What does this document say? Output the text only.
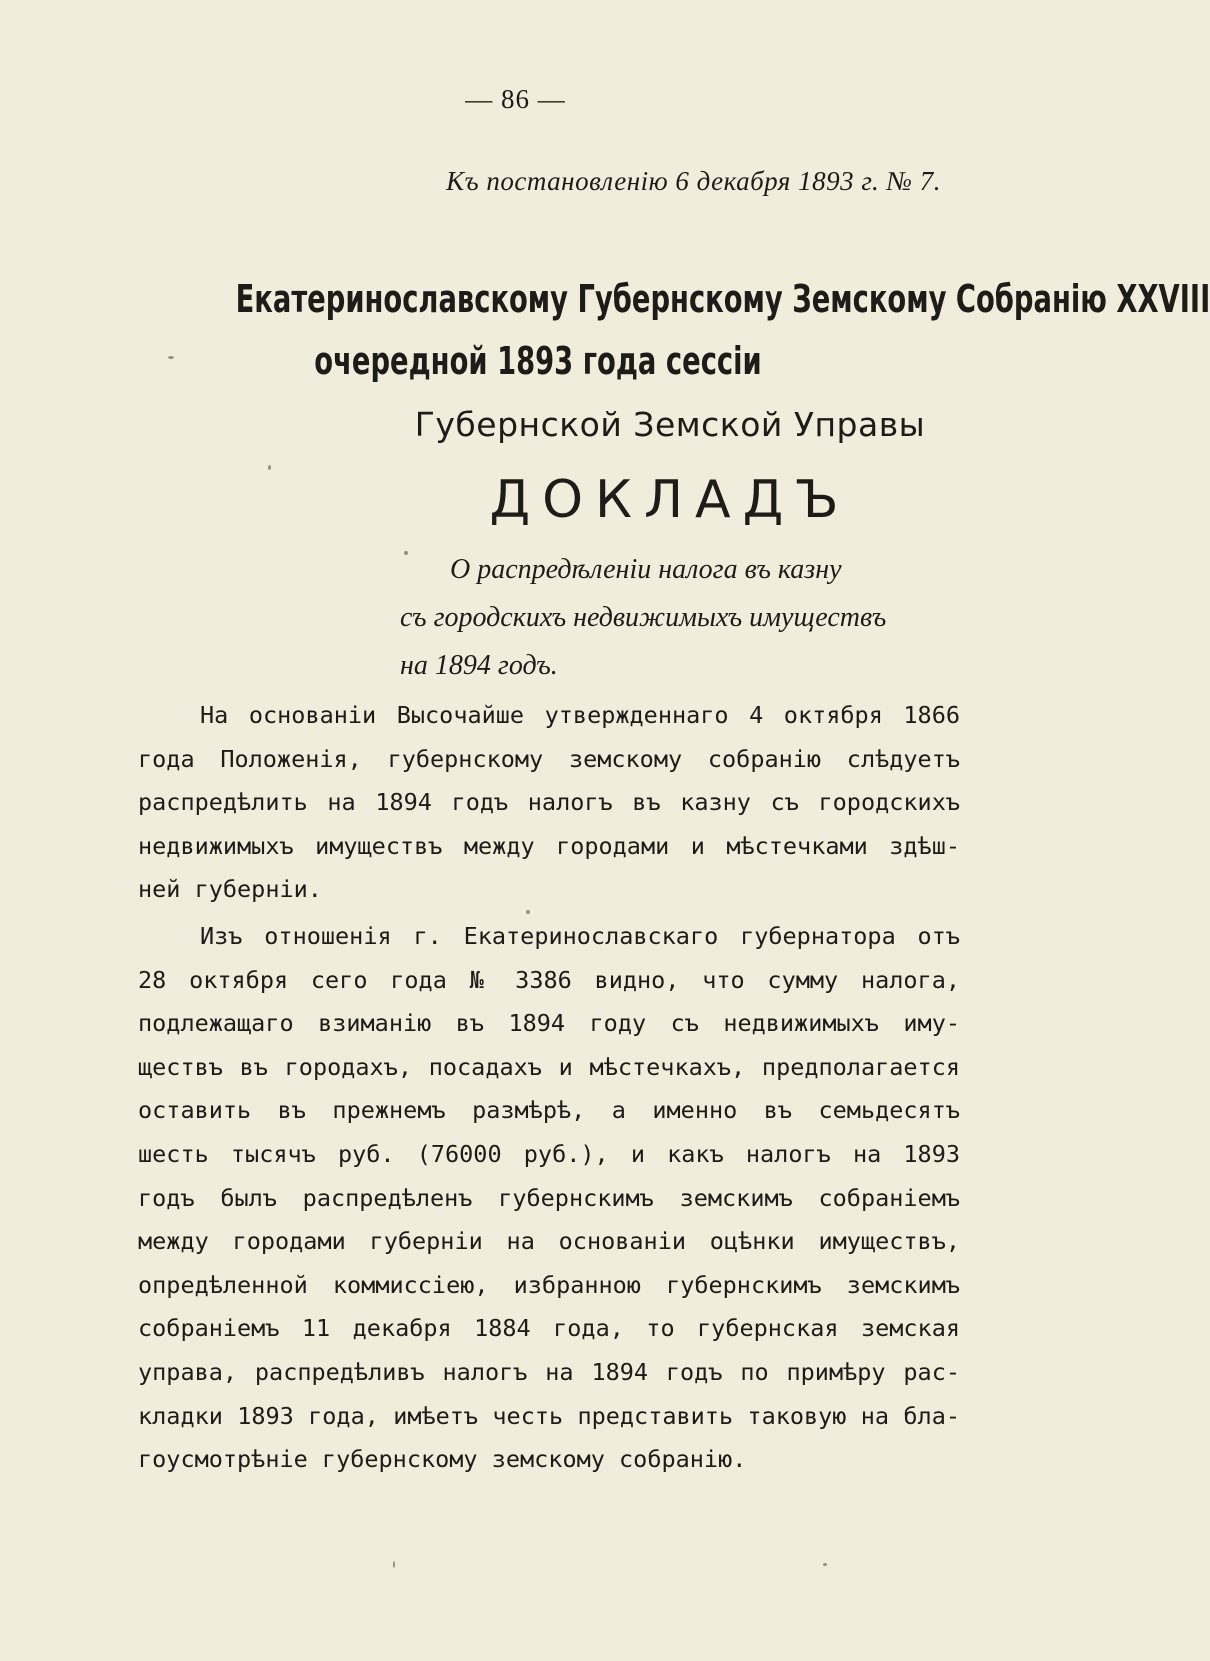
— 86 —
Къ постановленію 6 декабря 1893 г. № 7.
Екатеринославскому Губернскому Земскому Собранію XXVIII
очередной 1893 года сессіи
Губернской Земской Управы
ДОКЛАДЪ
О распредѣленіи налога въ казну
съ городскихъ недвижимыхъ имуществъ
на 1894 годъ.
На основаніи Высочайше утвержденнаго 4 октября 1866
года Положенія, губернскому земскому собранію слѣдуетъ
распредѣлить на 1894 годъ налогъ въ казну съ городскихъ
недвижимыхъ имуществъ между городами и мѣстечками здѣш-
ней губерніи.
Изъ отношенія г. Екатеринославскаго губернатора отъ
28 октября сего года № 3386 видно, что сумму налога,
подлежащаго взиманію въ 1894 году съ недвижимыхъ иму-
ществъ въ городахъ, посадахъ и мѣстечкахъ, предполагается
оставить въ прежнемъ размѣрѣ, а именно въ семьдесятъ
шесть тысячъ руб. (76000 руб.), и какъ налогъ на 1893
годъ былъ распредѣленъ губернскимъ земскимъ собраніемъ
между городами губерніи на основаніи оцѣнки имуществъ,
опредѣленной коммиссіею, избранною губернскимъ земскимъ
собраніемъ 11 декабря 1884 года, то губернская земская
управа, распредѣливъ налогъ на 1894 годъ по примѣру рас-
кладки 1893 года, имѣетъ честь представить таковую на бла-
гоусмотрѣніе губернскому земскому собранію.
